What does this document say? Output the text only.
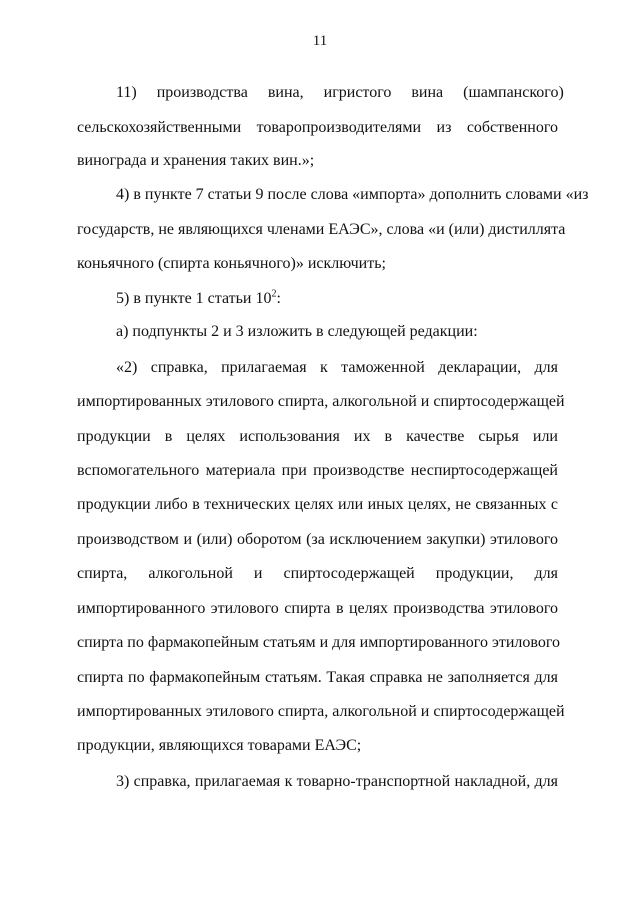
11
11)     производства     вина,     игристого     вина     (шампанского)
сельскохозяйственными товаропроизводителями из собственного
винограда и хранения таких вин.»;
4) в пункте 7 статьи 9 после слова «импорта» дополнить словами «из
государств, не являющихся членами ЕАЭС», слова «и (или) дистиллята
коньячного (спирта коньячного)» исключить;
5) в пункте 1 статьи $10^2$:
а) подпункты 2 и 3 изложить в следующей редакции:
«2) справка, прилагаемая к таможенной декларации, для
импортированных этилового спирта, алкогольной и спиртосодержащей
продукции в целях использования их в качестве сырья или
вспомогательного материала при производстве неспиртосодержащей
продукции либо в технических целях или иных целях, не связанных с
производством и (или) оборотом (за исключением закупки) этилового
спирта, алкогольной и спиртосодержащей продукции, для
импортированного этилового спирта в целях производства этилового
спирта по фармакопейным статьям и для импортированного этилового
спирта по фармакопейным статьям. Такая справка не заполняется для
импортированных этилового спирта, алкогольной и спиртосодержащей
продукции, являющихся товарами ЕАЭС;
3) справка, прилагаемая к товарно-транспортной накладной, для
